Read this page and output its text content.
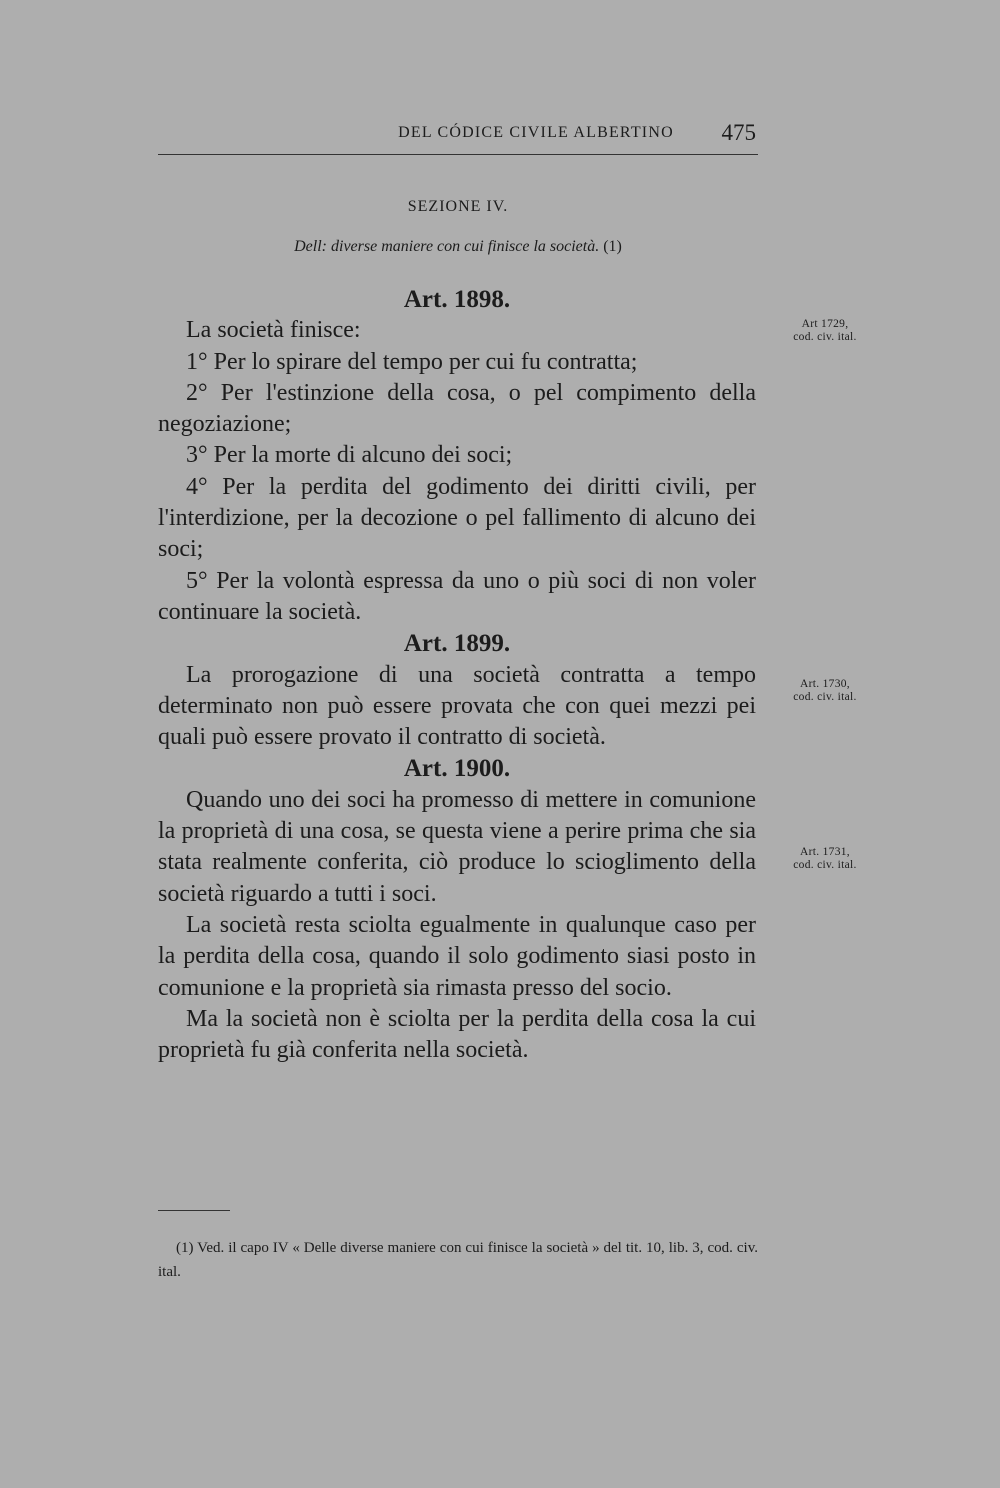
DEL CÓDICE CIVILE ALBERTINO	475
SEZIONE IV.
Dell: diverse maniere con cui finisce la società. (1)
Art. 1898.

La società finisce:

1° Per lo spirare del tempo per cui fu contratta;

2° Per l'estinzione della cosa, o pel compimento della negoziazione;

3° Per la morte di alcuno dei soci;

4° Per la perdita del godimento dei diritti civili, per l'interdizione, per la decozione o pel fallimento di alcuno dei soci;

5° Per la volontà espressa da uno o più soci di non voler continuare la società.

Art. 1899.

La prorogazione di una società contratta a tempo determinato non può essere provata che con quei mezzi pei quali può essere provato il contratto di società.

Art. 1900.

Quando uno dei soci ha promesso di mettere in comunione la proprietà di una cosa, se questa viene a perire prima che sia stata realmente conferita, ciò produce lo scioglimento della società riguardo a tutti i soci.

La società resta sciolta egualmente in qualunque caso per la perdita della cosa, quando il solo godimento siasi posto in comunione e la proprietà sia rimasta presso del socio.

Ma la società non è sciolta per la perdita della cosa la cui proprietà fu già conferita nella società.

Art 1729,
cod. civ. ital.
Art. 1730,
cod. civ. ital.
Art. 1731,
cod. civ. ital.
(1) Ved. il capo IV « Delle diverse maniere con cui finisce la società » del tit. 10, lib. 3, cod. civ. ital.
